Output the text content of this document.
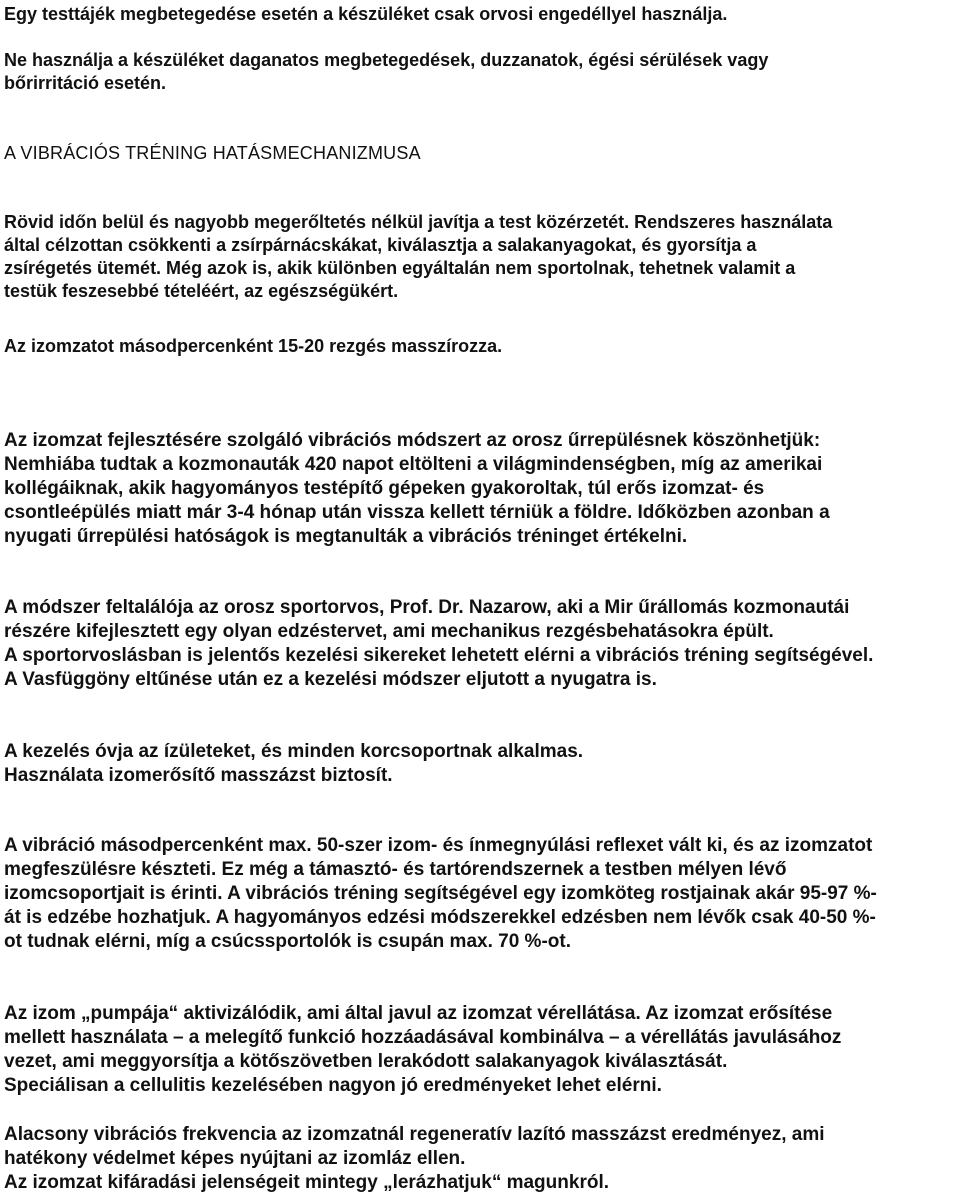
Egy testtájék megbetegedése esetén a készüléket csak orvosi engedéllyel használja.

Ne használja a készüléket daganatos megbetegedések, duzzanatok, égési sérülések vagy
bőrirritáció esetén.

A VIBRÁCIÓS TRÉNING HATÁSMECHANIZMUSA

Rövid időn belül és nagyobb megerőltetés nélkül javítja a test közérzetét. Rendszeres használata
által célzottan csökkenti a zsírpárnácskákat, kiválasztja a salakanyagokat, és gyorsítja a
zsírégetés ütemét. Még azok is, akik különben egyáltalán nem sportolnak, tehetnek valamit a
testük feszesebbé tételéért, az egészségükért.

Az izomzatot másodpercenként 15-20 rezgés masszírozza.

Az izomzat fejlesztésére szolgáló vibrációs módszert az orosz űrrepülésnek köszönhetjük:
Nemhiába tudtak a kozmonauták 420 napot eltölteni a világmindenségben, míg az amerikai
kollégáiknak, akik hagyományos testépítő gépeken gyakoroltak, túl erős izomzat- és
csontleépülés miatt már 3-4 hónap után vissza kellett térniük a földre. Időközben azonban a
nyugati űrrepülési hatóságok is megtanulták a vibrációs tréninget értékelni.

A módszer feltalálója az orosz sportorvos, Prof. Dr. Nazarow, aki a Mir űrállomás kozmonautái
részére kifejlesztett egy olyan edzéstervet, ami mechanikus rezgésbehatásokra épült.
A sportorvoslásban is jelentős kezelési sikereket lehetett elérni a vibrációs tréning segítségével.
A Vasfüggöny eltűnése után ez a kezelési módszer eljutott a nyugatra is.

A kezelés óvja az ízületeket, és minden korcsoportnak alkalmas.
Használata izomerősítő masszázst biztosít.

A vibráció másodpercenként max. 50-szer izom- és ínmegnyúlási reflexet vált ki, és az izomzatot
megfeszülésre készteti. Ez még a támasztó- és tartórendszernek a testben mélyen lévő
izomcsoportjait is érinti. A vibrációs tréning segítségével egy izomköteg rostjainak akár 95-97 %-
át is edzébe hozhatjuk. A hagyományos edzési módszerekkel edzésben nem lévők csak 40-50 %-
ot tudnak elérni, míg a csúcssportolók is csupán max. 70 %-ot.

Az izom „pumpája“ aktivizálódik, ami által javul az izomzat vérellátása. Az izomzat erősítése
mellett használata – a melegítő funkció hozzáadásával kombinálva – a vérellátás javulásához
vezet, ami meggyorsítja a kötőszövetben lerakódott salakanyagok kiválasztását.
Speciálisan a cellulitis kezelésében nagyon jó eredményeket lehet elérni.

Alacsony vibrációs frekvencia az izomzatnál regeneratív lazító masszázst eredményez, ami
hatékony védelmet képes nyújtani az izomláz ellen.
Az izomzat kifáradási jelenségeit mintegy „lerázhatjuk“ magunkról.
